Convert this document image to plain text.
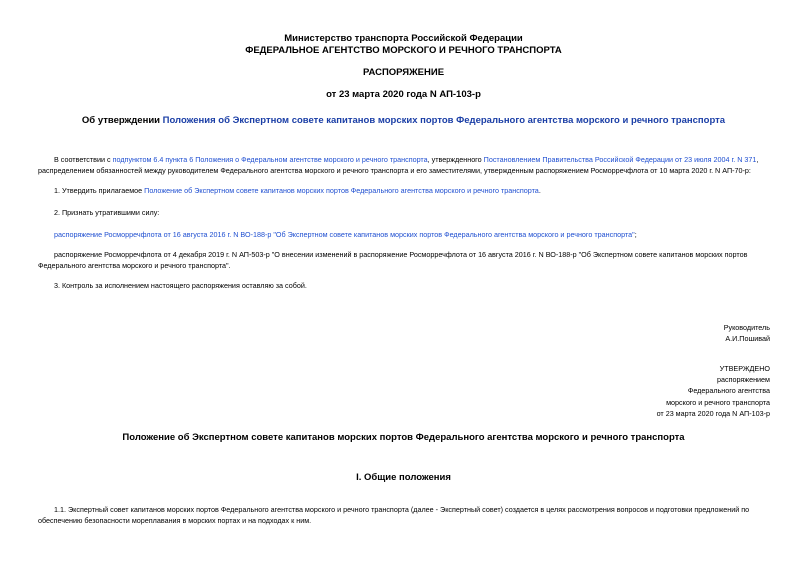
Министерство транспорта Российской Федерации
ФЕДЕРАЛЬНОЕ АГЕНТСТВО МОРСКОГО И РЕЧНОГО ТРАНСПОРТА
РАСПОРЯЖЕНИЕ
от 23 марта 2020 года N АП-103-р
Об утверждении Положения об Экспертном совете капитанов морских портов Федерального агентства морского и речного транспорта
В соответствии с подпунктом 6.4 пункта 6 Положения о Федеральном агентстве морского и речного транспорта, утвержденного Постановлением Правительства Российской Федерации от 23 июля 2004 г. N 371,
распределением обязанностей между руководителем Федерального агентства морского и речного транспорта и его заместителями, утвержденным распоряжением Росморречфлота от 10 марта 2020 г. N АП-70-р:
1. Утвердить прилагаемое Положение об Экспертном совете капитанов морских портов Федерального агентства морского и речного транспорта.
2. Признать утратившими силу:
распоряжение Росморречфлота от 16 августа 2016 г. N ВО-188-р "Об Экспертном совете капитанов морских портов Федерального агентства морского и речного транспорта";
распоряжение Росморречфлота от 4 декабря 2019 г. N АП-503-р "О внесении изменений в распоряжение Росморречфлота от 16 августа 2016 г. N ВО-188-р "Об Экспертном совете капитанов морских портов
Федерального агентства морского и речного транспорта".
3. Контроль за исполнением настоящего распоряжения оставляю за собой.
Руководитель
А.И.Пошивай
УТВЕРЖДЕНО
распоряжением
Федерального агентства
морского и речного транспорта
от 23 марта 2020 года N АП-103-р
Положение об Экспертном совете капитанов морских портов Федерального агентства морского и речного транспорта
I. Общие положения
1.1. Экспертный совет капитанов морских портов Федерального агентства морского и речного транспорта (далее - Экспертный совет) создается в целях рассмотрения вопросов и подготовки предложений по
обеспечению безопасности мореплавания в морских портах и на подходах к ним.
